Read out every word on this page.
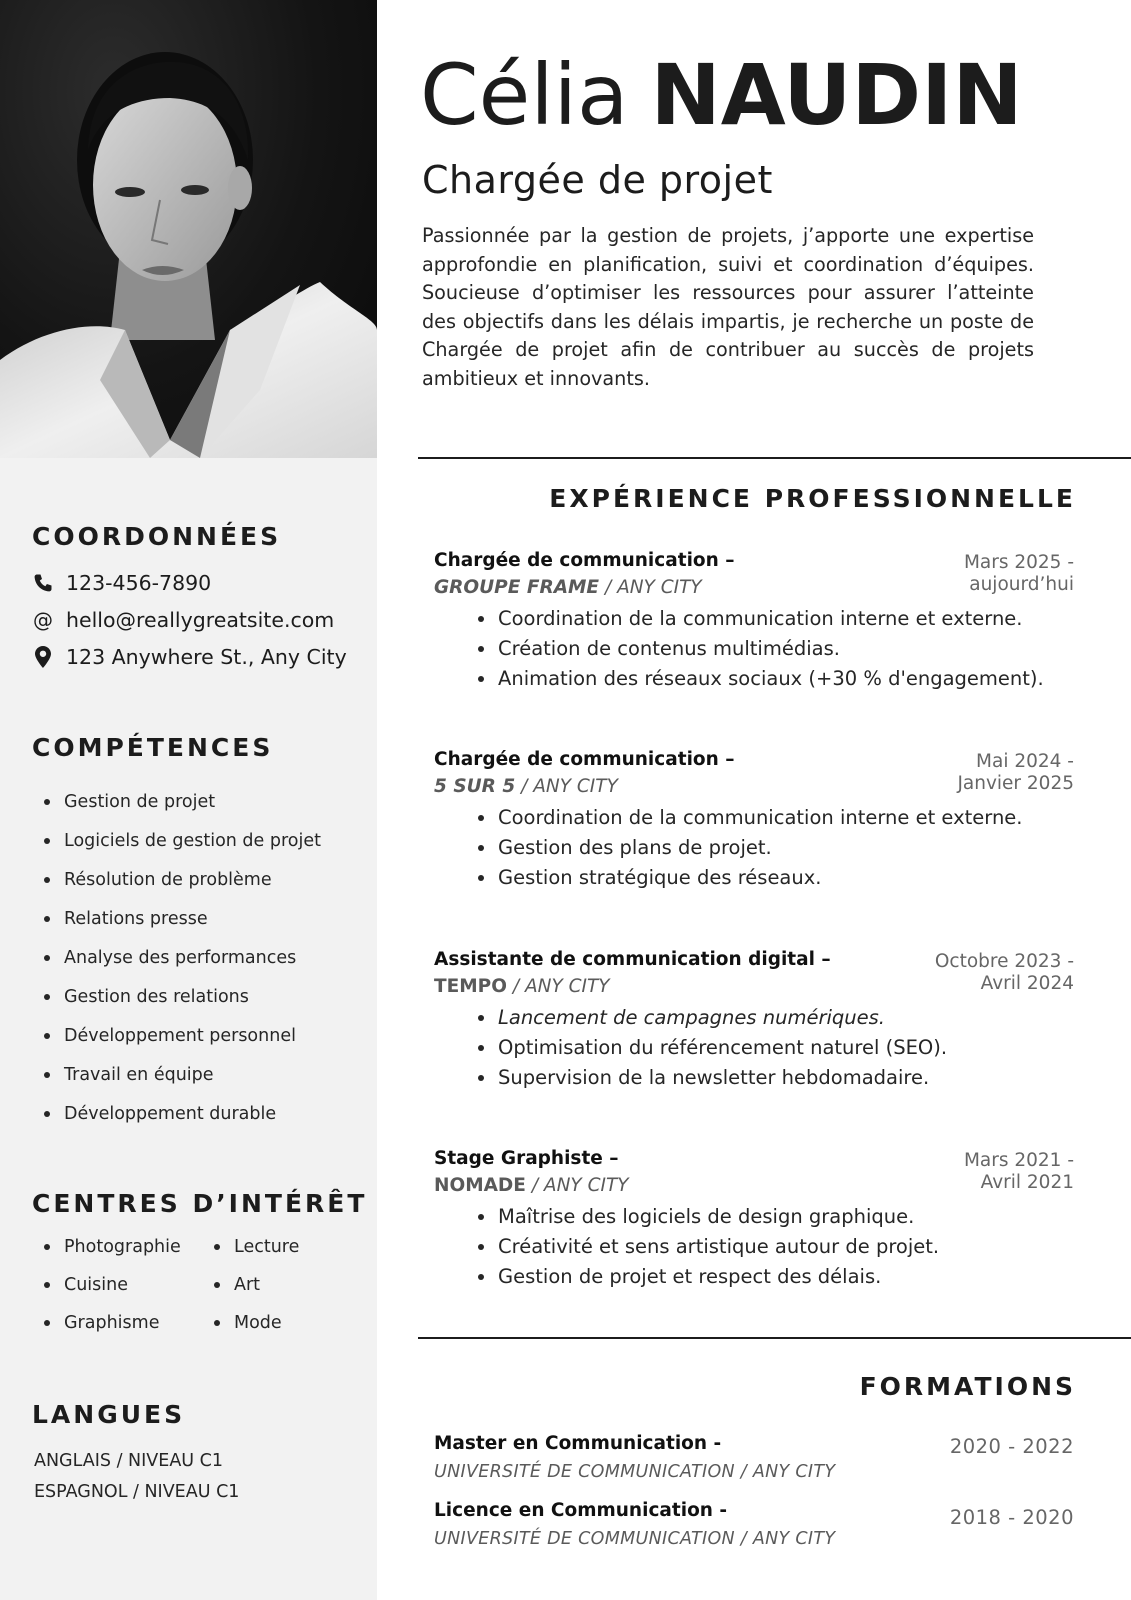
COORDONNÉES
123-456-7890
@ hello@reallygreatsite.com
123 Anywhere St., Any City
COMPÉTENCES
Gestion de projet
Logiciels de gestion de projet
Résolution de problème
Relations presse
Analyse des performances
Gestion des relations
Développement personnel
Travail en équipe
Développement durable
CENTRES D’INTÉRÊT
Photographie	Lecture
Cuisine	Art
Graphisme	Mode
LANGUES
ANGLAIS / NIVEAU C1
ESPAGNOL / NIVEAU C1
Célia NAUDIN
Chargée de projet
Passionnée par la gestion de projets, j’apporte une expertise approfondie en planification, suivi et coordination d’équipes. Soucieuse d’optimiser les ressources pour assurer l’atteinte des objectifs dans les délais impartis, je recherche un poste de Chargée de projet afin de contribuer au succès de projets ambitieux et innovants.
EXPÉRIENCE PROFESSIONNELLE
Chargée de communication –
GROUPE FRAME / ANY CITY
Mars 2025 -
aujourd’hui
Coordination de la communication interne et externe.
Création de contenus multimédias.
Animation des réseaux sociaux (+30 % d'engagement).
Chargée de communication –
5 SUR 5 / ANY CITY
Mai 2024 -
Janvier 2025
Coordination de la communication interne et externe.
Gestion des plans de projet.
Gestion stratégique des réseaux.
Assistante de communication digital –
TEMPO / ANY CITY
Octobre 2023 -
Avril 2024
Lancement de campagnes numériques.
Optimisation du référencement naturel (SEO).
Supervision de la newsletter hebdomadaire.
Stage Graphiste –
NOMADE / ANY CITY
Mars 2021 -
Avril 2021
Maîtrise des logiciels de design graphique.
Créativité et sens artistique autour de projet.
Gestion de projet et respect des délais.
FORMATIONS
Master en Communication -
UNIVERSITÉ DE COMMUNICATION / ANY CITY
2020 - 2022
Licence en Communication -
UNIVERSITÉ DE COMMUNICATION / ANY CITY
2018 - 2020
